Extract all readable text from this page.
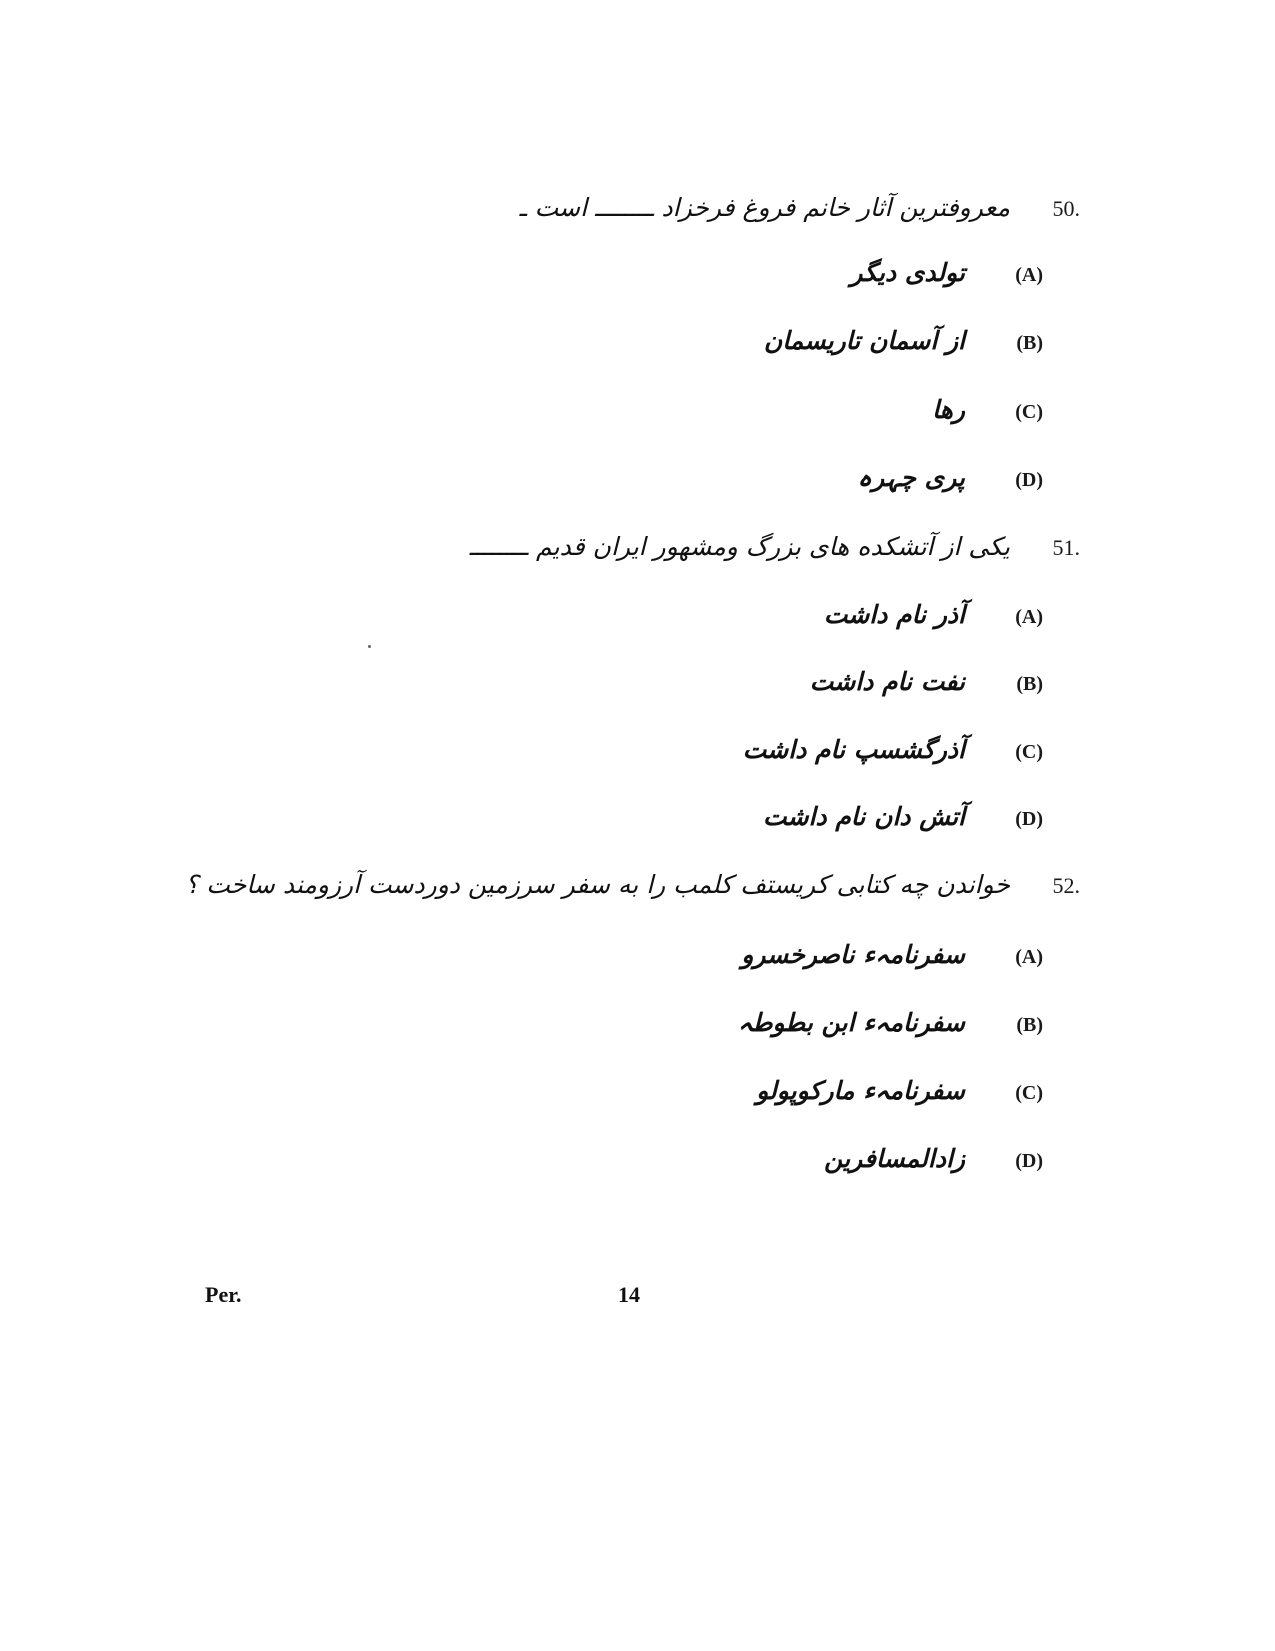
.50
معروفترین آثار خانم فروغ فرخزاد ــــــــ است ـ
(A)
تولدی دیگر
(B)
از آسمان تاریسمان
(C)
رها
(D)
پری چہرہ
.51
یکی از آتشکده های بزرگ ومشهور ایران قدیم ــــــــ
(A)
آذر نام داشت
(B)
نفت نام داشت
(C)
آذرگشسپ نام داشت
(D)
آتش دان نام داشت
.52
خواندن چه کتابی کریستف کلمب را به سفر سرزمین دوردست آرزومند ساخت ؟
(A)
سفرنامہء ناصرخسرو
(B)
سفرنامہء ابن بطوطہ
(C)
سفرنامہء مارکوپولو
(D)
زادالمسافرین
Per.	14
